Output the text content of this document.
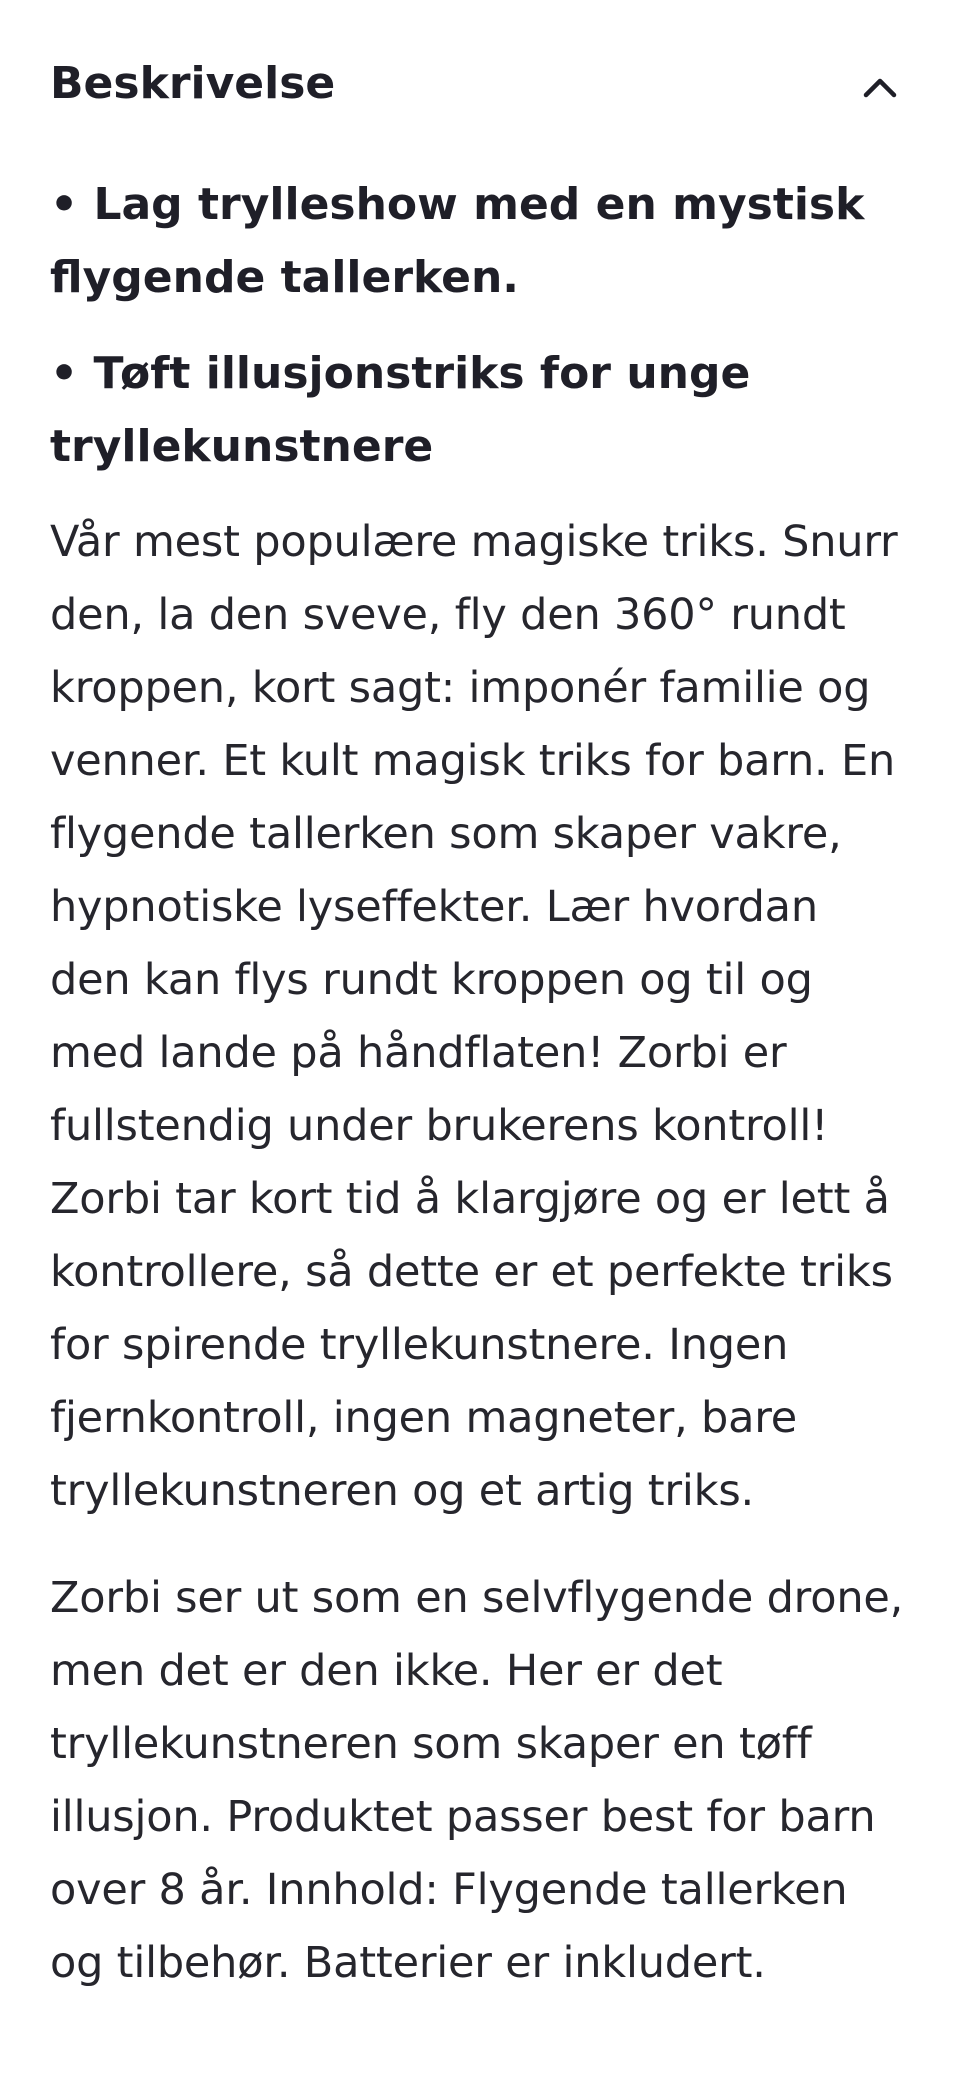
Beskrivelse
• Lag trylleshow med en mystisk flygende tallerken.
• Tøft illusjonstriks for unge tryllekunstnere

Vår mest populære magiske triks. Snurr den, la den sveve, fly den 360° rundt kroppen, kort sagt: imponér familie og venner. Et kult magisk triks for barn. En flygende tallerken som skaper vakre, hypnotiske lyseffekter. Lær hvordan den kan flys rundt kroppen og til og med lande på håndflaten! Zorbi er fullstendig under brukerens kontroll! Zorbi tar kort tid å klargjøre og er lett å kontrollere, så dette er et perfekte triks for spirende tryllekunstnere. Ingen fjernkontroll, ingen magneter, bare tryllekunstneren og et artig triks.

Zorbi ser ut som en selvflygende drone, men det er den ikke. Her er det tryllekunstneren som skaper en tøff illusjon. Produktet passer best for barn over 8 år. Innhold: Flygende tallerken og tilbehør. Batterier er inkludert.
